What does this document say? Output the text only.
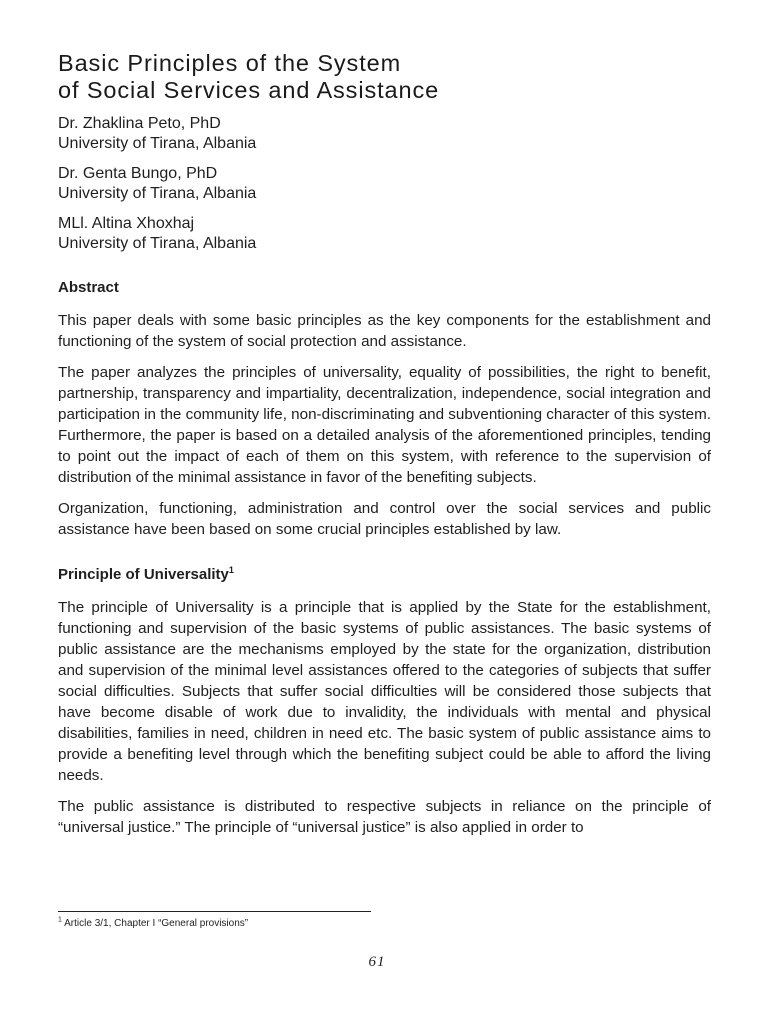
Basic Principles of the System
of Social Services and Assistance
Dr. Zhaklina Peto, PhD
University of Tirana, Albania
Dr. Genta Bungo, PhD
University of Tirana, Albania
MLl. Altina Xhoxhaj
University of Tirana, Albania
Abstract

This paper deals with some basic principles as the key components for the establishment and functioning of the system of social protection and assistance.

The paper analyzes the principles of universality, equality of possibilities, the right to benefit, partnership, transparency and impartiality, decentralization, independence, social integration and participation in the community life, non-discriminating and subventioning character of this system. Furthermore, the paper is based on a detailed analysis of the aforementioned principles, tending to point out the impact of each of them on this system, with reference to the supervision of distribution of the minimal assistance in favor of the benefiting subjects.

Organization, functioning, administration and control over the social services and public assistance have been based on some crucial principles established by law.

Principle of Universality$^1$

The principle of Universality is a principle that is applied by the State for the establishment, functioning and supervision of the basic systems of public assistances. The basic systems of public assistance are the mechanisms employed by the state for the organization, distribution and supervision of the minimal level assistances offered to the categories of subjects that suffer social difficulties. Subjects that suffer social difficulties will be considered those subjects that have become disable of work due to invalidity, the individuals with mental and physical disabilities, families in need, children in need etc. The basic system of public assistance aims to provide a benefiting level through which the benefiting subject could be able to afford the living needs.

The public assistance is distributed to respective subjects in reliance on the principle of “universal justice.” The principle of “universal justice” is also applied in order to

$^1$ Article 3/1, Chapter I “General provisions”
61
